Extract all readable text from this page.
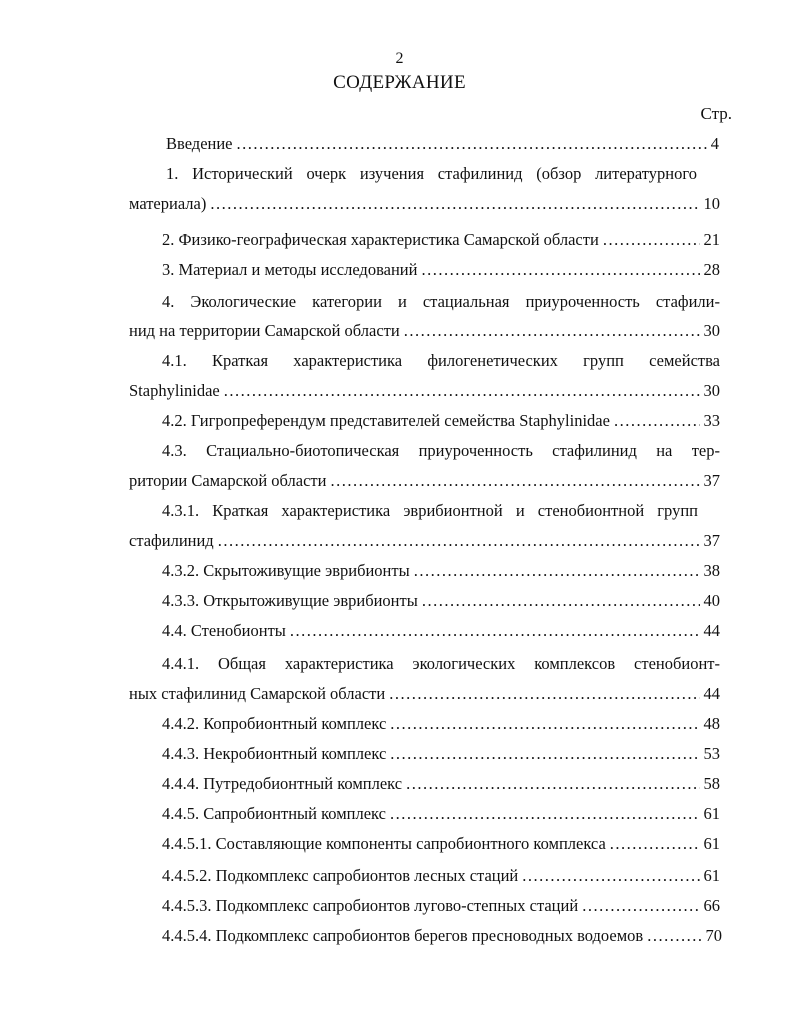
2
СОДЕРЖАНИЕ
Стр.
Введение .....	4
1. Исторический очерк изучения стафилинид (обзор литературного
материала) .....	10
2. Физико-географическая характеристика Самарской области .....	21
3. Материал и методы исследований .....	28
4. Экологические категории и стациальная приуроченность стафили-
нид на территории Самарской области .....	30
4.1. Краткая характеристика филогенетических групп семейства
Staphylinidae .....	30
4.2. Гигропреферендум представителей семейства Staphylinidae .....	33
4.3. Стациально-биотопическая приуроченность стафилинид на тер-
ритории Самарской области .....	37
4.3.1. Краткая характеристика эврибионтной и стенобионтной групп
стафилинид .....	37
4.3.2. Скрытоживущие эврибионты .....	38
4.3.3. Открытоживущие эврибионты .....	40
4.4. Стенобионты .....	44
4.4.1. Общая характеристика экологических комплексов стенобионт-
ных стафилинид Самарской области .....	44
4.4.2. Копробионтный комплекс .....	48
4.4.3. Некробионтный комплекс .....	53
4.4.4. Путредобионтный комплекс .....	58
4.4.5. Сапробионтный комплекс .....	61
4.4.5.1. Составляющие компоненты сапробионтного комплекса .....	61
4.4.5.2. Подкомплекс сапробионтов лесных стаций .....	61
4.4.5.3. Подкомплекс сапробионтов лугово-степных стаций .....	66
4.4.5.4. Подкомплекс сапробионтов берегов пресноводных водоемов .....	70
